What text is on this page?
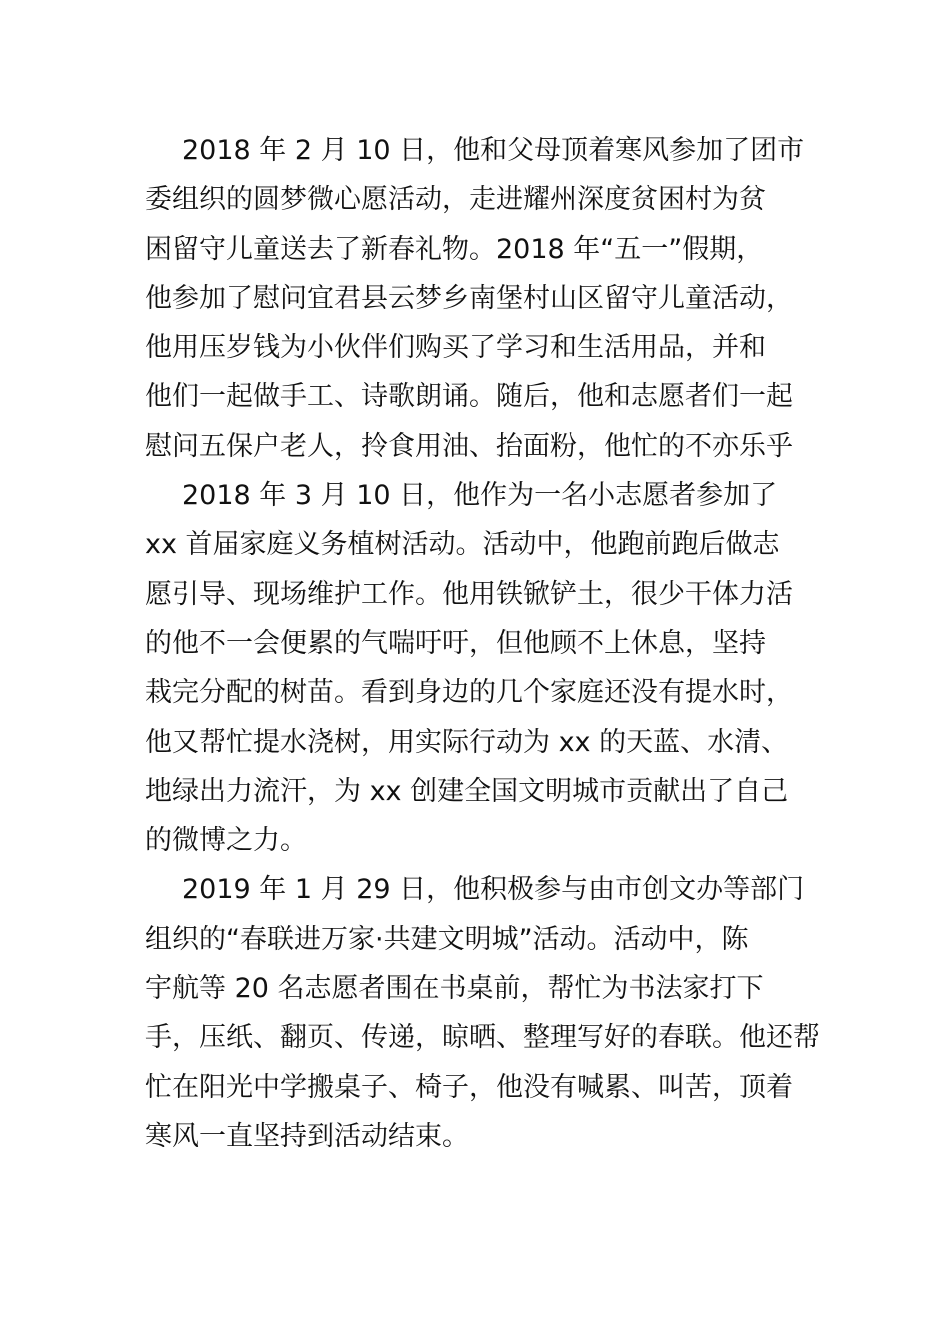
2018 年 2 月 10 日，他和父母顶着寒风参加了团市
委组织的圆梦微心愿活动，走进耀州深度贫困村为贫
困留守儿童送去了新春礼物。2018 年“五一”假期，
他参加了慰问宜君县云梦乡南堡村山区留守儿童活动，
他用压岁钱为小伙伴们购买了学习和生活用品，并和
他们一起做手工、诗歌朗诵。随后，他和志愿者们一起
慰问五保户老人，拎食用油、抬面粉，他忙的不亦乐乎
2018 年 3 月 10 日，他作为一名小志愿者参加了
xx 首届家庭义务植树活动。活动中，他跑前跑后做志
愿引导、现场维护工作。他用铁锨铲土，很少干体力活
的他不一会便累的气喘吁吁，但他顾不上休息，坚持
栽完分配的树苗。看到身边的几个家庭还没有提水时，
他又帮忙提水浇树，用实际行动为 xx 的天蓝、水清、
地绿出力流汗，为 xx 创建全国文明城市贡献出了自己
的微博之力。
2019 年 1 月 29 日，他积极参与由市创文办等部门
组织的“春联进万家·共建文明城”活动。活动中，陈
宇航等 20 名志愿者围在书桌前，帮忙为书法家打下
手，压纸、翻页、传递，晾晒、整理写好的春联。他还帮
忙在阳光中学搬桌子、椅子，他没有喊累、叫苦，顶着
寒风一直坚持到活动结束。
